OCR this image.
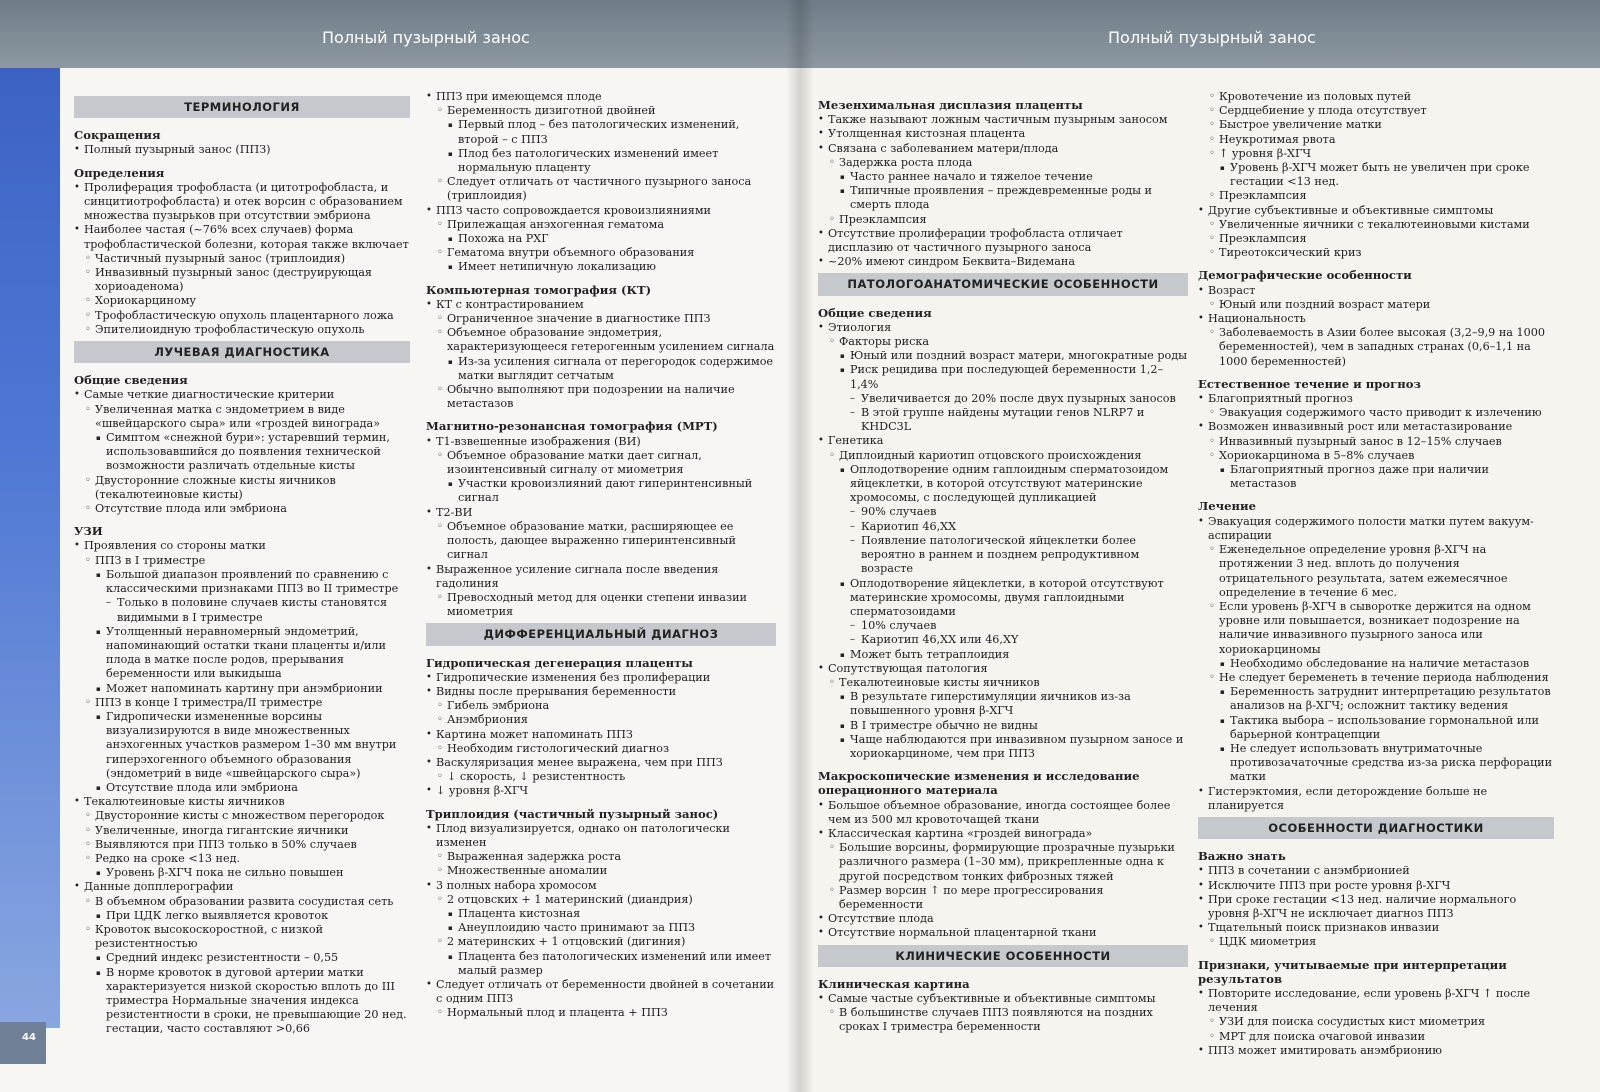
Полный пузырный занос
44
ТЕРМИНОЛОГИЯ
Сокращения
• Полный пузырный занос (ППЗ)
Определения
• Пролиферация трофобласта (и цитотрофобласта, и синцитиотрофобласта) и отек ворсин с образованием множества пузырьков при отсутствии эмбриона
• Наиболее частая (~76% всех случаев) форма трофобластической болезни, которая также включает
◦ Частичный пузырный занос (триплоидия)
◦ Инвазивный пузырный занос (деструирующая хориоаденома)
◦ Хориокарциному
◦ Трофобластическую опухоль плацентарного ложа
◦ Эпителиоидную трофобластическую опухоль
ЛУЧЕВАЯ ДИАГНОСТИКА
Общие сведения
• Самые четкие диагностические критерии
◦ Увеличенная матка с эндометрием в виде «швейцарского сыра» или «гроздей винограда»
▪ Симптом «снежной бури»: устаревший термин, использовавшийся до появления технической возможности различать отдельные кисты
◦ Двусторонние сложные кисты яичников (текалютеиновые кисты)
◦ Отсутствие плода или эмбриона
УЗИ
• Проявления со стороны матки
◦ ППЗ в I триместре
▪ Большой диапазон проявлений по сравнению с классическими признаками ППЗ во II триместре
– Только в половине случаев кисты становятся видимыми в I триместре
▪ Утолщенный неравномерный эндометрий, напоминающий остатки ткани плаценты и/или плода в матке после родов, прерывания беременности или выкидыша
▪ Может напоминать картину при анэмбрионии
◦ ППЗ в конце I триместра/II триместре
▪ Гидропически измененные ворсины визуализируются в виде множественных анэхогенных участков размером 1–30 мм внутри гиперэхогенного объемного образования (эндометрий в виде «швейцарского сыра»)
▪ Отсутствие плода или эмбриона
• Текалютеиновые кисты яичников
◦ Двусторонние кисты с множеством перегородок
◦ Увеличенные, иногда гигантские яичники
◦ Выявляются при ППЗ только в 50% случаев
◦ Редко на сроке <13 нед.
▪ Уровень β-ХГЧ пока не сильно повышен
• Данные допплерографии
◦ В объемном образовании развита сосудистая сеть
▪ При ЦДК легко выявляется кровоток
◦ Кровоток высокоскоростной, с низкой резистентностью
▪ Средний индекс резистентности – 0,55
▪ В норме кровоток в дуговой артерии матки характеризуется низкой скоростью вплоть до III триместра Нормальные значения индекса резистентности в сроки, не превышающие 20 нед. гестации, часто составляют >0,66
• ППЗ при имеющемся плоде
◦ Беременность дизиготной двойней
▪ Первый плод – без патологических изменений, второй – с ППЗ
▪ Плод без патологических изменений имеет нормальную плаценту
◦ Следует отличать от частичного пузырного заноса (триплоидия)
• ППЗ часто сопровождается кровоизлияниями
◦ Прилежащая анэхогенная гематома
▪ Похожа на РХГ
◦ Гематома внутри объемного образования
▪ Имеет нетипичную локализацию
Компьютерная томография (КТ)
• КТ с контрастированием
◦ Ограниченное значение в диагностике ППЗ
◦ Объемное образование эндометрия, характеризующееся гетерогенным усилением сигнала
▪ Из-за усиления сигнала от перегородок содержимое матки выглядит сетчатым
◦ Обычно выполняют при подозрении на наличие метастазов
Магнитно-резонансная томография (МРТ)
• Т1-взвешенные изображения (ВИ)
◦ Объемное образование матки дает сигнал, изоинтенсивный сигналу от миометрия
▪ Участки кровоизлияний дают гиперинтенсивный сигнал
• Т2-ВИ
◦ Объемное образование матки, расширяющее ее полость, дающее выраженно гиперинтенсивный сигнал
• Выраженное усиление сигнала после введения гадолиния
◦ Превосходный метод для оценки степени инвазии миометрия
ДИФФЕРЕНЦИАЛЬНЫЙ ДИАГНОЗ
Гидропическая дегенерация плаценты
• Гидропические изменения без пролиферации
• Видны после прерывания беременности
◦ Гибель эмбриона
◦ Анэмбриония
• Картина может напоминать ППЗ
◦ Необходим гистологический диагноз
• Васкуляризация менее выражена, чем при ППЗ
◦ ↓ скорость, ↓ резистентность
• ↓ уровня β-ХГЧ
Триплоидия (частичный пузырный занос)
• Плод визуализируется, однако он патологически изменен
◦ Выраженная задержка роста
◦ Множественные аномалии
• 3 полных набора хромосом
◦ 2 отцовских + 1 материнский (диандрия)
▪ Плацента кистозная
▪ Анеуплоидию часто принимают за ППЗ
◦ 2 материнских + 1 отцовский (дигиния)
▪ Плацента без патологических изменений или имеет малый размер
• Следует отличать от беременности двойней в сочетании с одним ППЗ
◦ Нормальный плод и плацента + ППЗ
Полный пузырный занос
Мезенхимальная дисплазия плаценты
• Также называют ложным частичным пузырным заносом
• Утолщенная кистозная плацента
• Связана с заболеванием матери/плода
◦ Задержка роста плода
▪ Часто раннее начало и тяжелое течение
▪ Типичные проявления – преждевременные роды и смерть плода
◦ Преэклампсия
• Отсутствие пролиферации трофобласта отличает дисплазию от частичного пузырного заноса
• ~20% имеют синдром Беквита–Видемана
ПАТОЛОГОАНАТОМИЧЕСКИЕ ОСОБЕННОСТИ
Общие сведения
• Этиология
◦ Факторы риска
▪ Юный или поздний возраст матери, многократные роды
▪ Риск рецидива при последующей беременности 1,2–1,4%
– Увеличивается до 20% после двух пузырных заносов
– В этой группе найдены мутации генов NLRP7 и KHDC3L
• Генетика
◦ Диплоидный кариотип отцовского происхождения
▪ Оплодотворение одним гаплоидным сперматозоидом яйцеклетки, в которой отсутствуют материнские хромосомы, с последующей дупликацией
– 90% случаев
– Кариотип 46,XX
– Появление патологической яйцеклетки более вероятно в раннем и позднем репродуктивном возрасте
▪ Оплодотворение яйцеклетки, в которой отсутствуют материнские хромосомы, двумя гаплоидными сперматозоидами
– 10% случаев
– Кариотип 46,XX или 46,XY
▪ Может быть тетраплоидия
• Сопутствующая патология
◦ Текалютеиновые кисты яичников
▪ В результате гиперстимуляции яичников из-за повышенного уровня β-ХГЧ
▪ В I триместре обычно не видны
▪ Чаще наблюдаются при инвазивном пузырном заносе и хориокарциноме, чем при ППЗ
Макроскопические изменения и исследование операционного материала
• Большое объемное образование, иногда состоящее более чем из 500 мл кровоточащей ткани
• Классическая картина «гроздей винограда»
◦ Большие ворсины, формирующие прозрачные пузырьки различного размера (1–30 мм), прикрепленные одна к другой посредством тонких фиброзных тяжей
◦ Размер ворсин ↑ по мере прогрессирования беременности
• Отсутствие плода
• Отсутствие нормальной плацентарной ткани
КЛИНИЧЕСКИЕ ОСОБЕННОСТИ
Клиническая картина
• Самые частые субъективные и объективные симптомы
◦ В большинстве случаев ППЗ появляются на поздних сроках I триместра беременности
◦ Кровотечение из половых путей
◦ Сердцебиение у плода отсутствует
◦ Быстрое увеличение матки
◦ Неукротимая рвота
◦ ↑ уровня β-ХГЧ
▪ Уровень β-ХГЧ может быть не увеличен при сроке гестации <13 нед.
◦ Преэклампсия
• Другие субъективные и объективные симптомы
◦ Увеличенные яичники с текалютеиновыми кистами
◦ Преэклампсия
◦ Тиреотоксический криз
Демографические особенности
• Возраст
◦ Юный или поздний возраст матери
• Национальность
◦ Заболеваемость в Азии более высокая (3,2–9,9 на 1000 беременностей), чем в западных странах (0,6–1,1 на 1000 беременностей)
Естественное течение и прогноз
• Благоприятный прогноз
◦ Эвакуация содержимого часто приводит к излечению
• Возможен инвазивный рост или метастазирование
◦ Инвазивный пузырный занос в 12–15% случаев
◦ Хориокарцинома в 5–8% случаев
▪ Благоприятный прогноз даже при наличии метастазов
Лечение
• Эвакуация содержимого полости матки путем вакуум-аспирации
◦ Еженедельное определение уровня β-ХГЧ на протяжении 3 нед. вплоть до получения отрицательного результата, затем ежемесячное определение в течение 6 мес.
◦ Если уровень β-ХГЧ в сыворотке держится на одном уровне или повышается, возникает подозрение на наличие инвазивного пузырного заноса или хориокарциномы
▪ Необходимо обследование на наличие метастазов
◦ Не следует беременеть в течение периода наблюдения
▪ Беременность затруднит интерпретацию результатов анализов на β-ХГЧ; осложнит тактику ведения
▪ Тактика выбора – использование гормональной или барьерной контрацепции
▪ Не следует использовать внутриматочные противозачаточные средства из-за риска перфорации матки
• Гистерэктомия, если деторождение больше не планируется
ОСОБЕННОСТИ ДИАГНОСТИКИ
Важно знать
• ППЗ в сочетании с анэмбрионией
• Исключите ППЗ при росте уровня β-ХГЧ
• При сроке гестации <13 нед. наличие нормального уровня β-ХГЧ не исключает диагноз ППЗ
• Тщательный поиск признаков инвазии
◦ ЦДК миометрия
Признаки, учитываемые при интерпретации результатов
• Повторите исследование, если уровень β-ХГЧ ↑ после лечения
◦ УЗИ для поиска сосудистых кист миометрия
◦ МРТ для поиска очаговой инвазии
• ППЗ может имитировать анэмбрионию
